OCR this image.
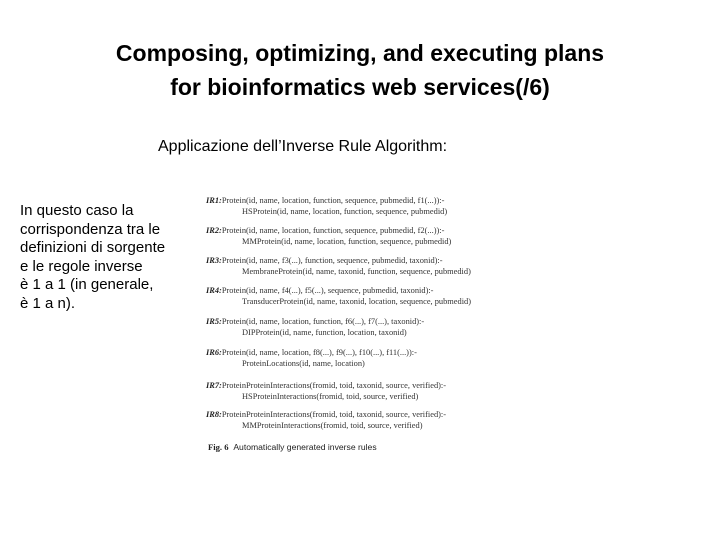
Composing, optimizing, and executing plans
for bioinformatics web services(/6)
Applicazione dell’Inverse Rule Algorithm:
In questo caso la
corrispondenza tra le
definizioni di sorgente
e le regole inverse
è 1 a 1 (in generale,
è 1 a n).
IR1:Protein(id, name, location, function, sequence, pubmedid, f1(...)):-
HSProtein(id, name, location, function, sequence, pubmedid)
IR2:Protein(id, name, location, function, sequence, pubmedid, f2(...)):-
MMProtein(id, name, location, function, sequence, pubmedid)
IR3:Protein(id, name, f3(...), function, sequence, pubmedid, taxonid):-
MembraneProtein(id, name, taxonid, function, sequence, pubmedid)
IR4:Protein(id, name, f4(...), f5(...), sequence, pubmedid, taxonid):-
TransducerProtein(id, name, taxonid, location, sequence, pubmedid)
IR5:Protein(id, name, location, function, f6(...), f7(...), taxonid):-
DIPProtein(id, name, function, location, taxonid)
IR6:Protein(id, name, location, f8(...), f9(...), f10(...), f11(...)):-
ProteinLocations(id, name, location)
IR7:ProteinProteinInteractions(fromid, toid, taxonid, source, verified):-
HSProteinInteractions(fromid, toid, source, verified)
IR8:ProteinProteinInteractions(fromid, toid, taxonid, source, verified):-
MMProteinInteractions(fromid, toid, source, verified)
Fig. 6 Automatically generated inverse rules
